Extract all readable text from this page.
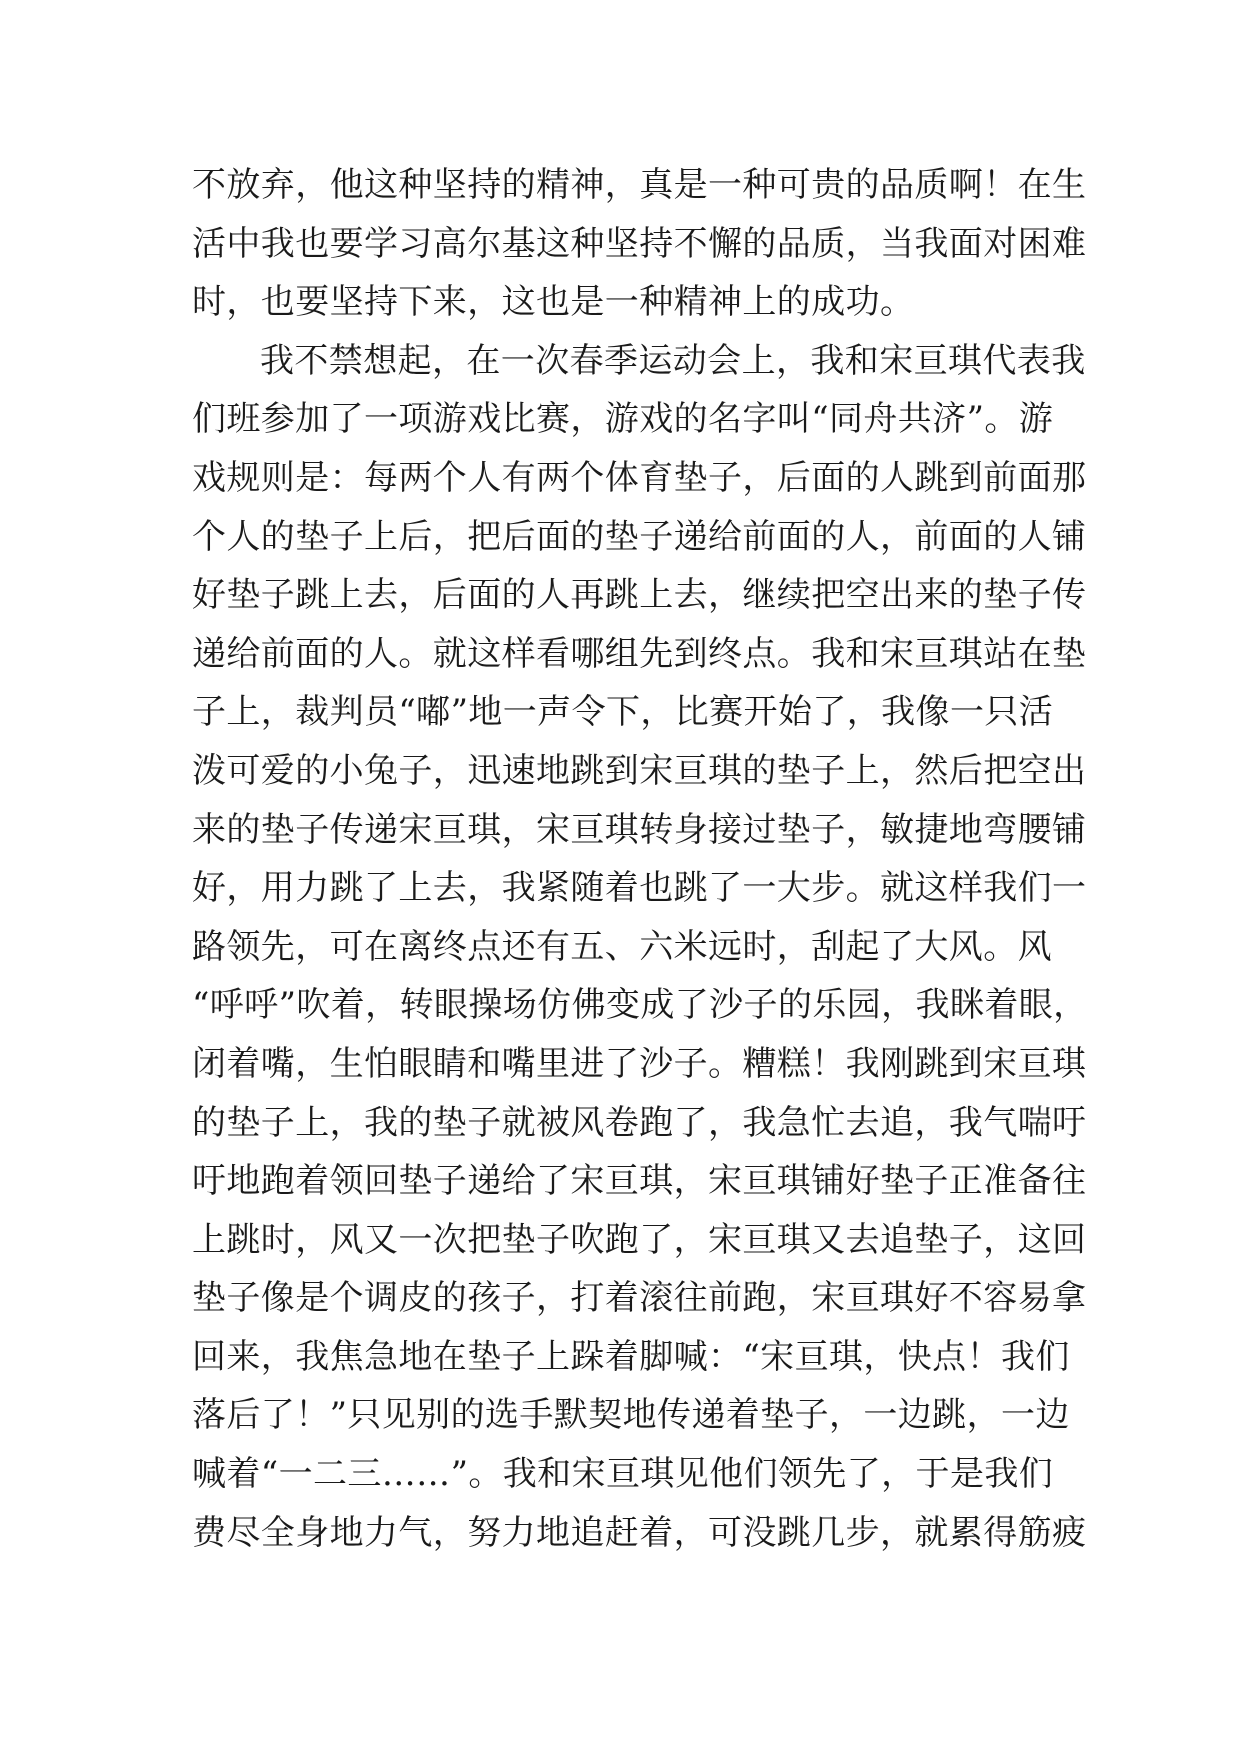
不放弃，他这种坚持的精神，真是一种可贵的品质啊！在生
活中我也要学习高尔基这种坚持不懈的品质，当我面对困难
时，也要坚持下来，这也是一种精神上的成功。
我不禁想起，在一次春季运动会上，我和宋亘琪代表我
们班参加了一项游戏比赛，游戏的名字叫“同舟共济”。游
戏规则是：每两个人有两个体育垫子，后面的人跳到前面那
个人的垫子上后，把后面的垫子递给前面的人，前面的人铺
好垫子跳上去，后面的人再跳上去，继续把空出来的垫子传
递给前面的人。就这样看哪组先到终点。我和宋亘琪站在垫
子上，裁判员“嘟”地一声令下，比赛开始了，我像一只活
泼可爱的小兔子，迅速地跳到宋亘琪的垫子上，然后把空出
来的垫子传递宋亘琪，宋亘琪转身接过垫子，敏捷地弯腰铺
好，用力跳了上去，我紧随着也跳了一大步。就这样我们一
路领先，可在离终点还有五、六米远时，刮起了大风。风
“呼呼”吹着，转眼操场仿佛变成了沙子的乐园，我眯着眼，
闭着嘴，生怕眼睛和嘴里进了沙子。糟糕！我刚跳到宋亘琪
的垫子上，我的垫子就被风卷跑了，我急忙去追，我气喘吁
吁地跑着领回垫子递给了宋亘琪，宋亘琪铺好垫子正准备往
上跳时，风又一次把垫子吹跑了，宋亘琪又去追垫子，这回
垫子像是个调皮的孩子，打着滚往前跑，宋亘琪好不容易拿
回来，我焦急地在垫子上跺着脚喊：“宋亘琪，快点！我们
落后了！”只见别的选手默契地传递着垫子，一边跳，一边
喊着“一二三……”。我和宋亘琪见他们领先了，于是我们
费尽全身地力气，努力地追赶着，可没跳几步，就累得筋疲
